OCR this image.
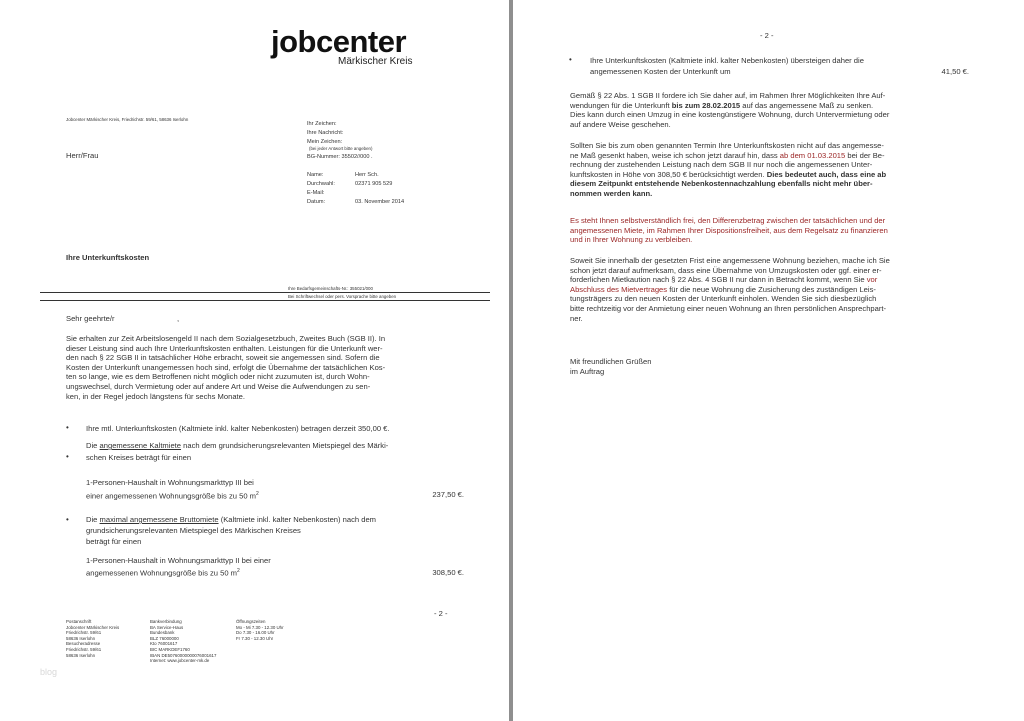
jobcenter
Märkischer Kreis
Jobcenter Märkischer Kreis, Friedrichstr. 59/61, 58636 Iserlohn
Ihr Zeichen:
Ihre Nachricht:
Mein Zeichen:
(bei jeder Antwort bitte angeben)
BG-Nummer: 35502//000 .
Name:	Herr Sch.
Durchwahl:	02371 905 529
E-Mail:
Datum:	03. November 2014
Herr/Frau
Ihre Unterkunftskosten
Ihre Bedarfsgemeinschafts-Nr.: 355021/000
Bei Schriftwechsel oder pers. Vorsprache bitte angeben
Sehr geehrte/r	,
Sie erhalten zur Zeit Arbeitslosengeld II nach dem Sozialgesetzbuch, Zweites Buch (SGB II). In
dieser Leistung sind auch Ihre Unterkunftskosten enthalten. Leistungen für die Unterkunft wer-
den nach § 22 SGB II in tatsächlicher Höhe erbracht, soweit sie angemessen sind. Sofern die
Kosten der Unterkunft unangemessen hoch sind, erfolgt die Übernahme der tatsächlichen Kos-
ten so lange, wie es dem Betroffenen nicht möglich oder nicht zuzumuten ist, durch Wohn-
ungswechsel, durch Vermietung oder auf andere Art und Weise die Aufwendungen zu sen-
ken, in der Regel jedoch längstens für sechs Monate.
• Ihre mtl. Unterkunftskosten (Kaltmiete inkl. kalter Nebenkosten) betragen derzeit 350,00 €.
Die angemessene Kaltmiete nach dem grundsicherungsrelevanten Mietspiegel des Märki-
• schen Kreises beträgt für einen
1-Personen-Haushalt in Wohnungsmarkttyp III bei
einer angemessenen Wohnungsgröße bis zu 50 $m^2$	237,50 €.
• Die maximal angemessene Bruttomiete (Kaltmiete inkl. kalter Nebenkosten) nach dem
grundsicherungsrelevanten Mietspiegel des Märkischen Kreises
beträgt für einen
1-Personen-Haushalt in Wohnungsmarkttyp II bei einer
angemessenen Wohnungsgröße bis zu 50 $m^2$	308,50 €.
- 2 -
Postanschrift
Jobcenter Märkischer Kreis
Friedrichstr. 59/61
58636 Iserlohn
Besucheradresse
Friedrichstr. 59/61
58636 Iserlohn
Bankverbindung
BA Service-Haus
Bundesbank
BLZ 76000000
Kto 76001617
BIC MARKDEF1760
IBAN DE50760000000076001617
Internet: www.jobcenter-mk.de
Öffnungszeiten
Mo - Mi 7.30 - 12.30 Uhr
Do 7.30 - 16.00 Uhr
Fr 7.30 - 12.30 Uhr
blog
- 2 -
• Ihre Unterkunftskosten (Kaltmiete inkl. kalter Nebenkosten) übersteigen daher die
angemessenen Kosten der Unterkunft um	41,50 €.
Gemäß § 22 Abs. 1 SGB II fordere ich Sie daher auf, im Rahmen Ihrer Möglichkeiten Ihre Auf-
wendungen für die Unterkunft bis zum 28.02.2015 auf das angemessene Maß zu senken.
Dies kann durch einen Umzug in eine kostengünstigere Wohnung, durch Untervermietung oder
auf andere Weise geschehen.
Sollten Sie bis zum oben genannten Termin Ihre Unterkunftskosten nicht auf das angemesse-
ne Maß gesenkt haben, weise ich schon jetzt darauf hin, dass ab dem 01.03.2015 bei der Be-
rechnung der zustehenden Leistung nach dem SGB II nur noch die angemessenen Unter-
kunftskosten in Höhe von 308,50 € berücksichtigt werden. Dies bedeutet auch, dass eine ab
diesem Zeitpunkt entstehende Nebenkostennachzahlung ebenfalls nicht mehr über-
nommen werden kann.
Es steht Ihnen selbstverständlich frei, den Differenzbetrag zwischen der tatsächlichen und der
angemessenen Miete, im Rahmen Ihrer Dispositionsfreiheit, aus dem Regelsatz zu finanzieren
und in Ihrer Wohnung zu verbleiben.
Soweit Sie innerhalb der gesetzten Frist eine angemessene Wohnung beziehen, mache ich Sie
schon jetzt darauf aufmerksam, dass eine Übernahme von Umzugskosten oder ggf. einer er-
forderlichen Mietkaution nach § 22 Abs. 4 SGB II nur dann in Betracht kommt, wenn Sie vor
Abschluss des Mietvertrages für die neue Wohnung die Zusicherung des zuständigen Leis-
tungsträgers zu den neuen Kosten der Unterkunft einholen. Wenden Sie sich diesbezüglich
bitte rechtzeitig vor der Anmietung einer neuen Wohnung an Ihren persönlichen Ansprechpart-
ner.
Mit freundlichen Grüßen
im Auftrag
